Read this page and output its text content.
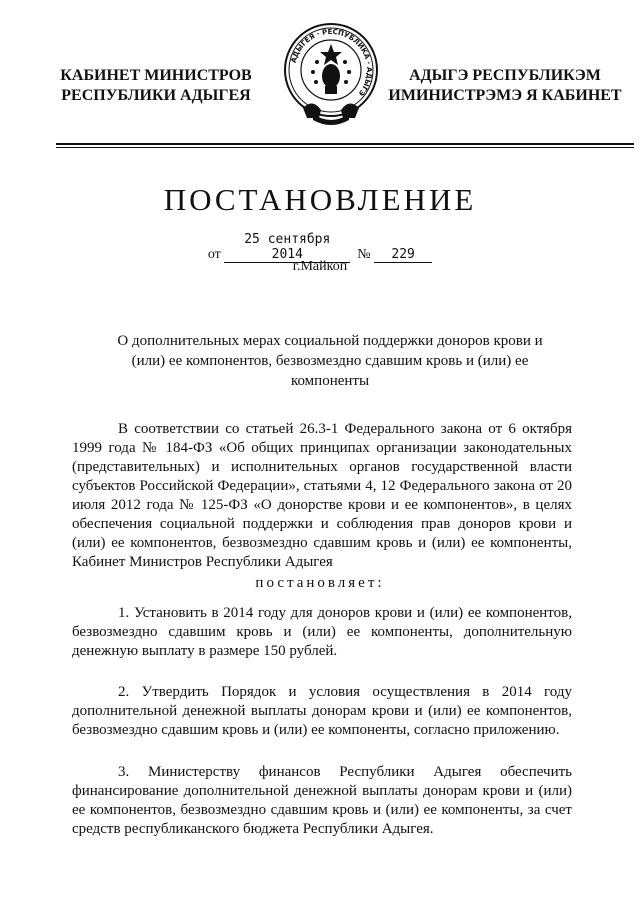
КАБИНЕТ МИНИСТРОВ
РЕСПУБЛИКИ АДЫГЕЯ
АДЫГЕЯ · РЕСПУБЛИКА · АДЫГЭ
АДЫГЭ РЕСПУБЛИКЭМ
ИМИНИСТРЭМЭ Я КАБИНЕТ
ПОСТАНОВЛЕНИЕ
от 25 сентября 2014	№ 229
г.Майкоп
О дополнительных мерах социальной поддержки доноров крови и (или) ее компонентов, безвозмездно сдавшим кровь и (или) ее компоненты

В соответствии со статьей 26.3-1 Федерального закона от 6 октября 1999 года № 184-ФЗ «Об общих принципах организации законодательных (представительных) и исполнительных органов государственной власти субъектов Российской Федерации», статьями 4, 12 Федерального закона от 20 июля 2012 года № 125-ФЗ «О донорстве крови и ее компонентов», в целях обеспечения социальной поддержки и соблюдения прав доноров крови и (или) ее компонентов, безвозмездно сдавшим кровь и (или) ее компоненты, Кабинет Министров Республики Адыгея

постановляет:

1. Установить в 2014 году для доноров крови и (или) ее компонентов, безвозмездно сдавшим кровь и (или) ее компоненты, дополнительную денежную выплату в размере 150 рублей.

2. Утвердить Порядок и условия осуществления в 2014 году дополнительной денежной выплаты донорам крови и (или) ее компонентов, безвозмездно сдавшим кровь и (или) ее компоненты, согласно приложению.

3. Министерству финансов Республики Адыгея обеспечить финансирование дополнительной денежной выплаты донорам крови и (или) ее компонентов, безвозмездно сдавшим кровь и (или) ее компоненты, за счет средств республиканского бюджета Республики Адыгея.
